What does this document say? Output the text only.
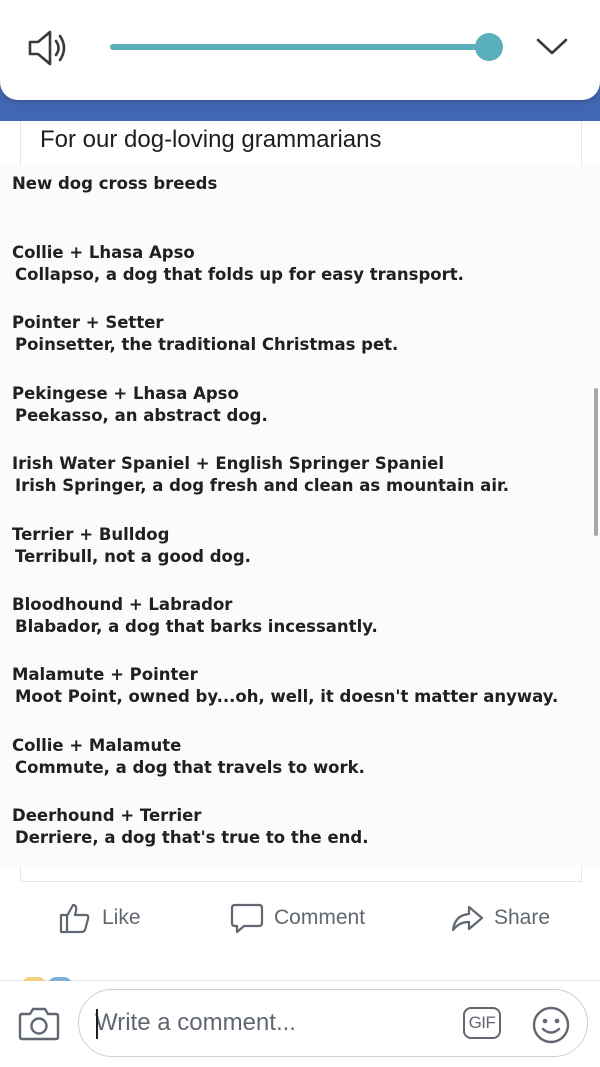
For our dog-loving grammarians
New dog cross breeds
Collie + Lhasa Apso
Collapso, a dog that folds up for easy transport.
Pointer + Setter
Poinsetter, the traditional Christmas pet.
Pekingese + Lhasa Apso
Peekasso, an abstract dog.
Irish Water Spaniel + English Springer Spaniel
Irish Springer, a dog fresh and clean as mountain air.
Terrier + Bulldog
Terribull, not a good dog.
Bloodhound + Labrador
Blabador, a dog that barks incessantly.
Malamute + Pointer
Moot Point, owned by...oh, well, it doesn't matter anyway.
Collie + Malamute
Commute, a dog that travels to work.
Deerhound + Terrier
Derriere, a dog that's true to the end.
Like	Comment	Share
Write a comment...
GIF
